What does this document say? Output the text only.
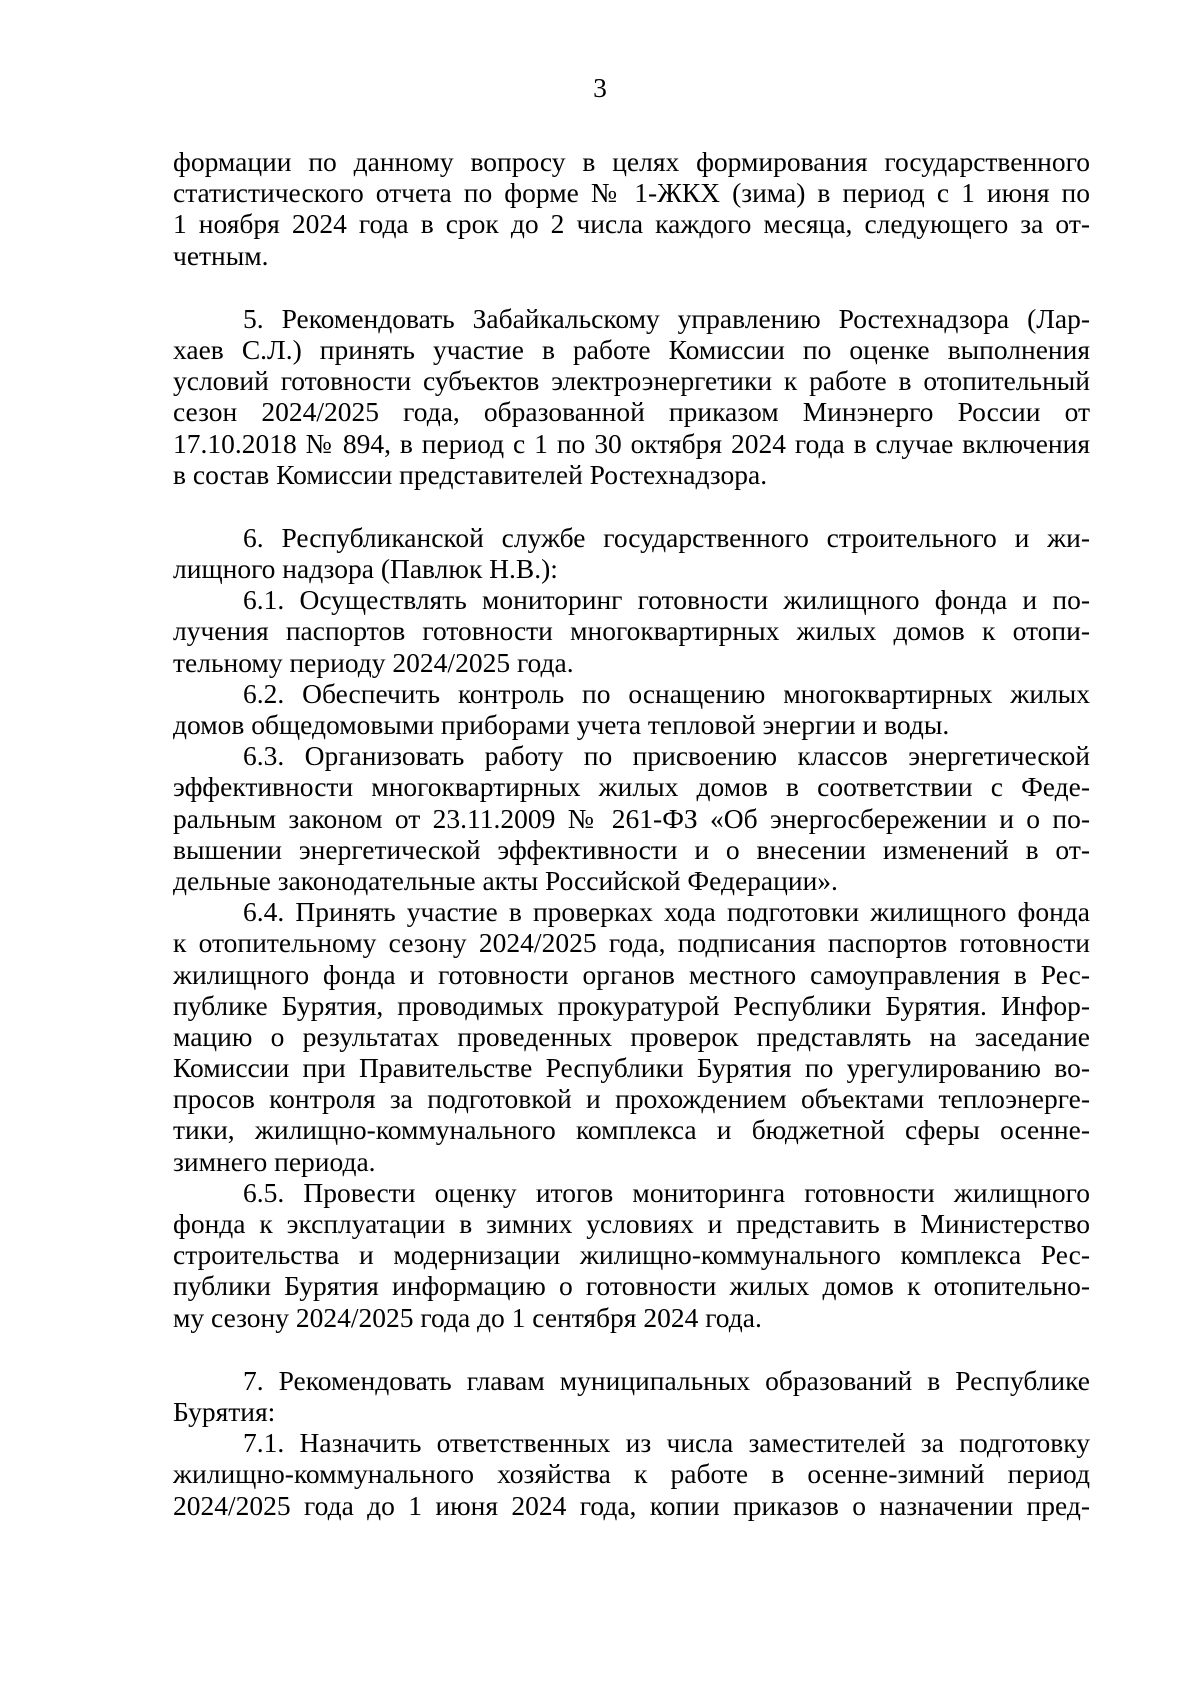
3
формации по данному вопросу в целях формирования государственного
статистического отчета по форме № 1-ЖКХ (зима) в период с 1 июня по
1 ноября 2024 года в срок до 2 числа каждого месяца, следующего за от-
четным.
5. Рекомендовать Забайкальскому управлению Ростехнадзора (Лар-
хаев С.Л.) принять участие в работе Комиссии по оценке выполнения
условий готовности субъектов электроэнергетики к работе в отопительный
сезон 2024/2025 года, образованной приказом Минэнерго России от
17.10.2018 № 894, в период с 1 по 30 октября 2024 года в случае включения
в состав Комиссии представителей Ростехнадзора.
6. Республиканской службе государственного строительного и жи-
лищного надзора (Павлюк Н.В.):
6.1. Осуществлять мониторинг готовности жилищного фонда и по-
лучения паспортов готовности многоквартирных жилых домов к отопи-
тельному периоду 2024/2025 года.
6.2. Обеспечить контроль по оснащению многоквартирных жилых
домов общедомовыми приборами учета тепловой энергии и воды.
6.3. Организовать работу по присвоению классов энергетической
эффективности многоквартирных жилых домов в соответствии с Феде-
ральным законом от 23.11.2009 № 261-ФЗ «Об энергосбережении и о по-
вышении энергетической эффективности и о внесении изменений в от-
дельные законодательные акты Российской Федерации».
6.4. Принять участие в проверках хода подготовки жилищного фонда
к отопительному сезону 2024/2025 года, подписания паспортов готовности
жилищного фонда и готовности органов местного самоуправления в Рес-
публике Бурятия, проводимых прокуратурой Республики Бурятия. Инфор-
мацию о результатах проведенных проверок представлять на заседание
Комиссии при Правительстве Республики Бурятия по урегулированию во-
просов контроля за подготовкой и прохождением объектами теплоэнерге-
тики, жилищно-коммунального комплекса и бюджетной сферы осенне-
зимнего периода.
6.5. Провести оценку итогов мониторинга готовности жилищного
фонда к эксплуатации в зимних условиях и представить в Министерство
строительства и модернизации жилищно-коммунального комплекса Рес-
публики Бурятия информацию о готовности жилых домов к отопительно-
му сезону 2024/2025 года до 1 сентября 2024 года.
7. Рекомендовать главам муниципальных образований в Республике
Бурятия:
7.1. Назначить ответственных из числа заместителей за подготовку
жилищно-коммунального хозяйства к работе в осенне-зимний период
2024/2025 года до 1 июня 2024 года, копии приказов о назначении пред-
